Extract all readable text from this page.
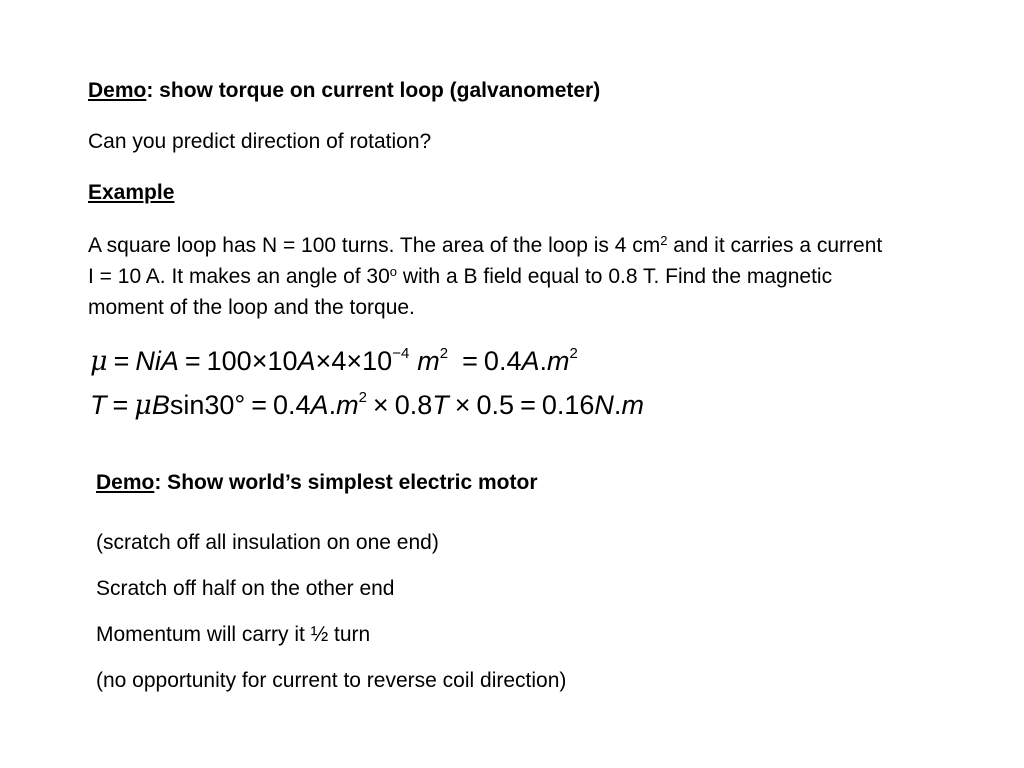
Demo: show torque on current loop (galvanometer)
Can you predict direction of rotation?
Example
A square loop has N = 100 turns. The area of the loop is 4 $cm^2$ and it carries a current I = 10 A. It makes an angle of 30$^o$ with a B field equal to 0.8 T. Find the magnetic moment of the loop and the torque.
μ = NiA = $100\times 10A\times 4\times 10^{-4}$ $m^2 = 0.4A.m^2$
$T = \mu Bsin30^\circ = 0.4A.m^2 \times 0.8T \times 0.5 = 0.16N.m$
Demo: Show world’s simplest electric motor
(scratch off all insulation on one end)
Scratch off half on the other end
Momentum will carry it ½ turn
(no opportunity for current to reverse coil direction)
